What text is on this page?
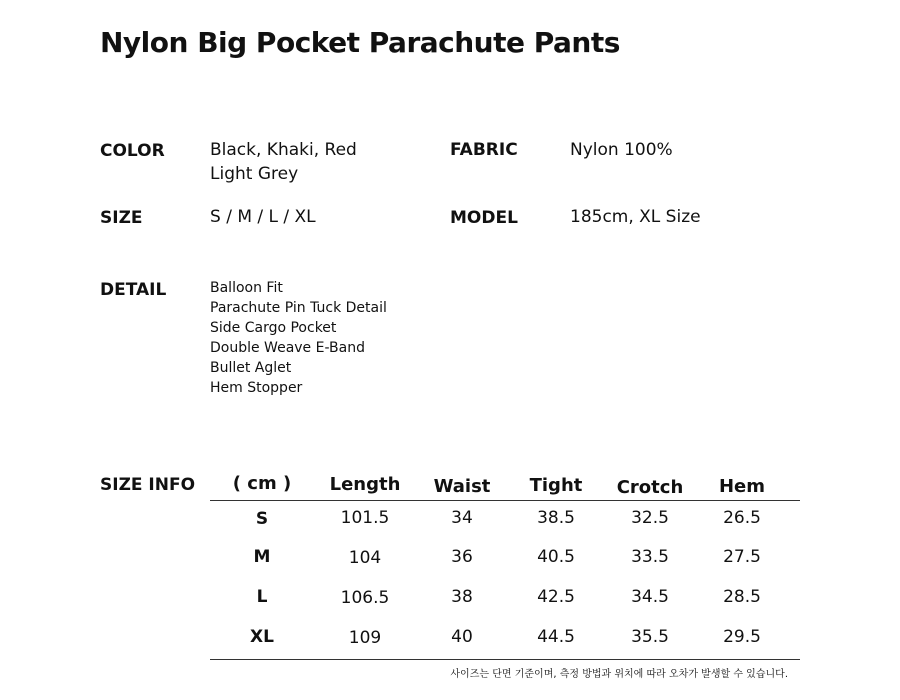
Nylon Big Pocket Parachute Pants
COLOR	Black, Khaki, Red
Light Grey
FABRIC	Nylon 100%
SIZE	S / M / L / XL	MODEL	185cm, XL Size
DETAIL	Balloon Fit
Parachute Pin Tuck Detail
Side Cargo Pocket
Double Weave E-Band
Bullet Aglet
Hem Stopper
SIZE INFO	( cm )	Length	Waist	Tight	Crotch	Hem
S	101.5	34	38.5	32.5	26.5
M	104	36	40.5	33.5	27.5
L	106.5	38	42.5	34.5	28.5
XL	109	40	44.5	35.5	29.5
사이즈는 단면 기준이며, 측정 방법과 위치에 따라 오차가 발생할 수 있습니다.
